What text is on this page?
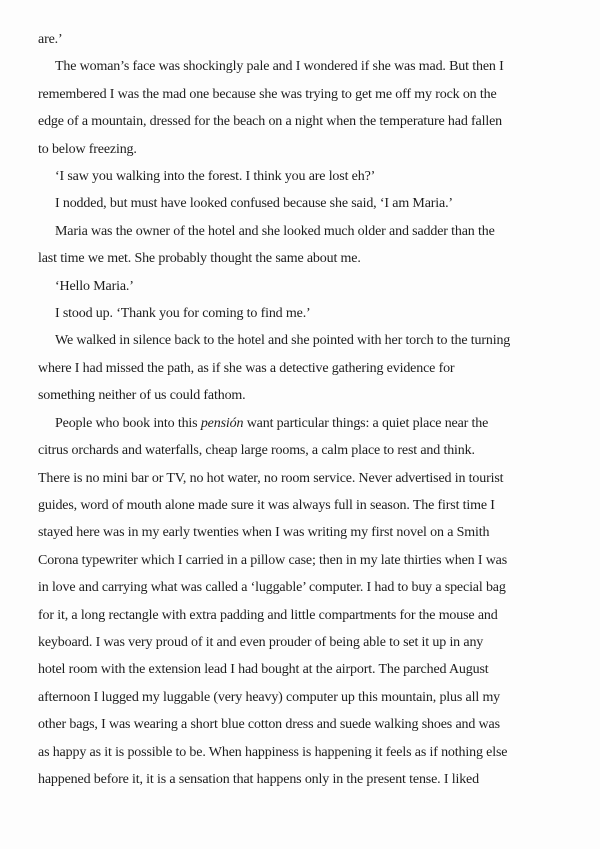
are.’
The woman’s face was shockingly pale and I wondered if she was mad. But then I
remembered I was the mad one because she was trying to get me off my rock on the
edge of a mountain, dressed for the beach on a night when the temperature had fallen
to below freezing.
‘I saw you walking into the forest. I think you are lost eh?’
I nodded, but must have looked confused because she said, ‘I am Maria.’
Maria was the owner of the hotel and she looked much older and sadder than the
last time we met. She probably thought the same about me.
‘Hello Maria.’
I stood up. ‘Thank you for coming to find me.’
We walked in silence back to the hotel and she pointed with her torch to the turning
where I had missed the path, as if she was a detective gathering evidence for
something neither of us could fathom.
People who book into this pensión want particular things: a quiet place near the
citrus orchards and waterfalls, cheap large rooms, a calm place to rest and think.
There is no mini bar or TV, no hot water, no room service. Never advertised in tourist
guides, word of mouth alone made sure it was always full in season. The first time I
stayed here was in my early twenties when I was writing my first novel on a Smith
Corona typewriter which I carried in a pillow case; then in my late thirties when I was
in love and carrying what was called a ‘luggable’ computer. I had to buy a special bag
for it, a long rectangle with extra padding and little compartments for the mouse and
keyboard. I was very proud of it and even prouder of being able to set it up in any
hotel room with the extension lead I had bought at the airport. The parched August
afternoon I lugged my luggable (very heavy) computer up this mountain, plus all my
other bags, I was wearing a short blue cotton dress and suede walking shoes and was
as happy as it is possible to be. When happiness is happening it feels as if nothing else
happened before it, it is a sensation that happens only in the present tense. I liked
